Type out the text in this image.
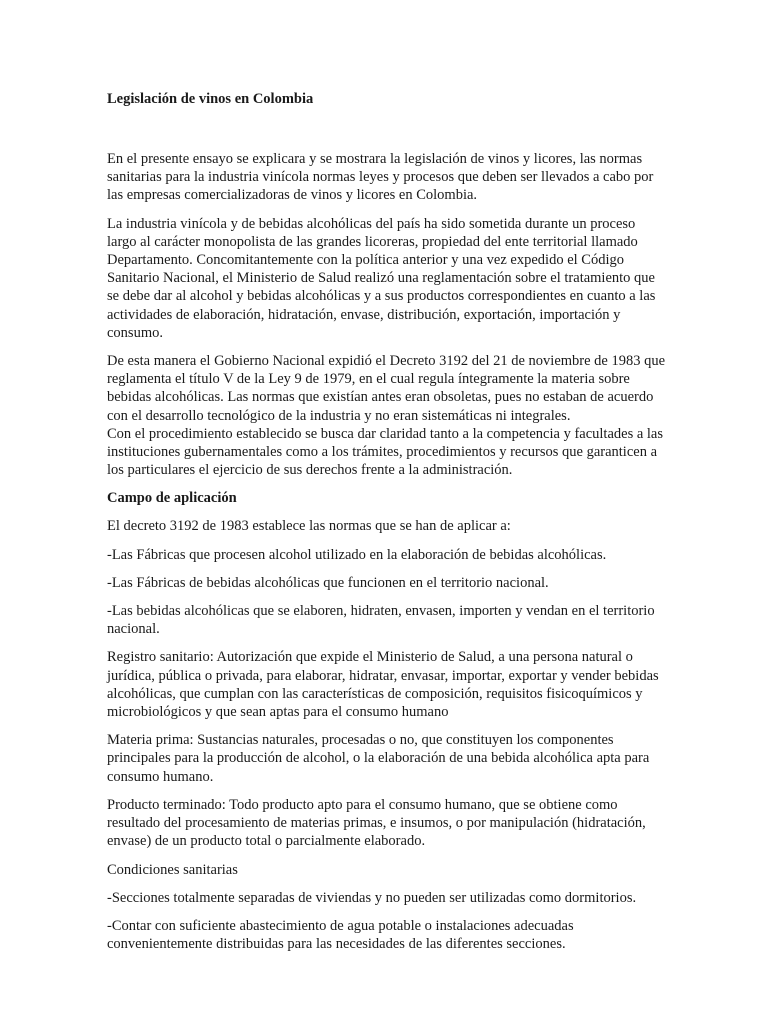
Legislación de vinos en Colombia

En el presente ensayo se explicara y se mostrara la legislación de vinos y licores, las normas sanitarias para la industria vinícola normas leyes y procesos que deben ser llevados a cabo por las empresas comercializadoras de vinos y licores en Colombia.

La industria vinícola y de bebidas alcohólicas del país ha sido sometida durante un proceso largo al carácter monopolista de las grandes licoreras, propiedad del ente territorial llamado Departamento. Concomitantemente con la política anterior y una vez expedido el Código Sanitario Nacional, el Ministerio de Salud realizó una reglamentación sobre el tratamiento que se debe dar al alcohol y bebidas alcohólicas y a sus productos correspondientes en cuanto a las actividades de elaboración, hidratación, envase, distribución, exportación, importación y consumo.

De esta manera el Gobierno Nacional expidió el Decreto 3192 del 21 de noviembre de 1983 que reglamenta el título V de la Ley 9 de 1979, en el cual regula íntegramente la materia sobre bebidas alcohólicas. Las normas que existían antes eran obsoletas, pues no estaban de acuerdo con el desarrollo tecnológico de la industria y no eran sistemáticas ni integrales.

Con el procedimiento establecido se busca dar claridad tanto a la competencia y facultades a las instituciones gubernamentales como a los trámites, procedimientos y recursos que garanticen a los particulares el ejercicio de sus derechos frente a la administración.

Campo de aplicación

El decreto 3192 de 1983 establece las normas que se han de aplicar a:

-Las Fábricas que procesen alcohol utilizado en la elaboración de bebidas alcohólicas.

-Las Fábricas de bebidas alcohólicas que funcionen en el territorio nacional.

-Las bebidas alcohólicas que se elaboren, hidraten, envasen, importen y vendan en el territorio nacional.

Registro sanitario: Autorización que expide el Ministerio de Salud, a una persona natural o jurídica, pública o privada, para elaborar, hidratar, envasar, importar, exportar y vender bebidas alcohólicas, que cumplan con las características de composición, requisitos fisicoquímicos y microbiológicos y que sean aptas para el consumo humano

Materia prima: Sustancias naturales, procesadas o no, que constituyen los componentes principales para la producción de alcohol, o la elaboración de una bebida alcohólica apta para consumo humano.

Producto terminado: Todo producto apto para el consumo humano, que se obtiene como resultado del procesamiento de materias primas, e insumos, o por manipulación (hidratación, envase) de un producto total o parcialmente elaborado.

Condiciones sanitarias

-Secciones totalmente separadas de viviendas y no pueden ser utilizadas como dormitorios.

-Contar con suficiente abastecimiento de agua potable o instalaciones adecuadas convenientemente distribuidas para las necesidades de las diferentes secciones.
